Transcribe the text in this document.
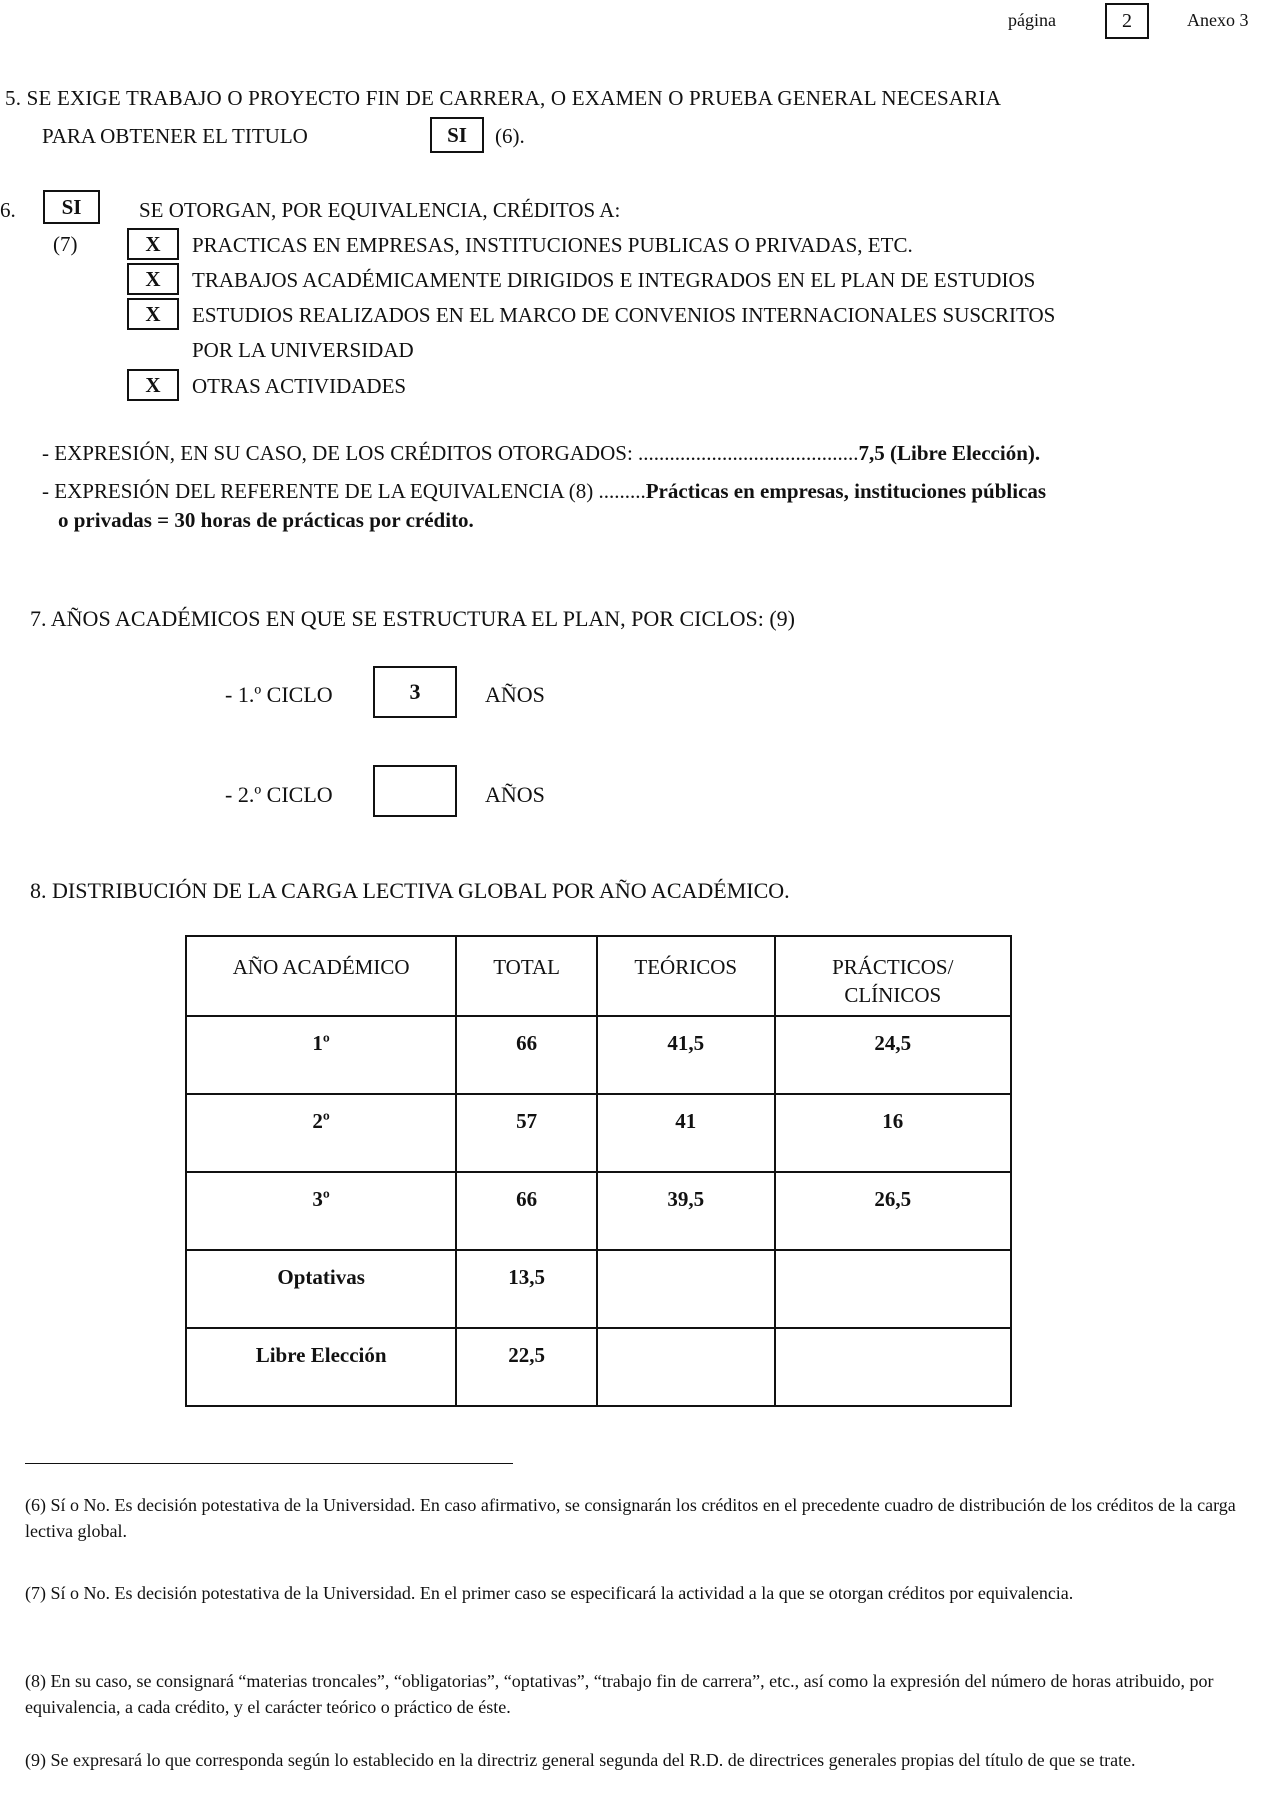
página	2	Anexo 3
5. SE EXIGE TRABAJO O PROYECTO FIN DE CARRERA, O EXAMEN O PRUEBA GENERAL NECESARIA
PARA OBTENER EL TITULO	SI	(6).
6.	SI
(7)
SE OTORGAN, POR EQUIVALENCIA, CRÉDITOS A:
X	PRACTICAS EN EMPRESAS, INSTITUCIONES PUBLICAS O PRIVADAS, ETC.
X	TRABAJOS ACADÉMICAMENTE DIRIGIDOS E INTEGRADOS EN EL PLAN DE ESTUDIOS
X	ESTUDIOS REALIZADOS EN EL MARCO DE CONVENIOS INTERNACIONALES SUSCRITOS
POR LA UNIVERSIDAD
X	OTRAS ACTIVIDADES
- EXPRESIÓN, EN SU CASO, DE LOS CRÉDITOS OTORGADOS: ..........................................7,5 (Libre Elección).
- EXPRESIÓN DEL REFERENTE DE LA EQUIVALENCIA (8) .........Prácticas en empresas, instituciones públicas
o privadas = 30 horas de prácticas por crédito.
7. AÑOS ACADÉMICOS EN QUE SE ESTRUCTURA EL PLAN, POR CICLOS: (9)
- 1.º CICLO	3	AÑOS
- 2.º CICLO	AÑOS
8. DISTRIBUCIÓN DE LA CARGA LECTIVA GLOBAL POR AÑO ACADÉMICO.
AÑO ACADÉMICO	TOTAL	TEÓRICOS	PRÁCTICOS/
CLÍNICOS
1º	66	41,5	24,5
2º	57	41	16
3º	66	39,5	26,5
Optativas	13,5		
Libre Elección	22,5		
(6) Sí o No. Es decisión potestativa de la Universidad. En caso afirmativo, se consignarán los créditos en el precedente cuadro de distribución de los créditos de la carga lectiva global.
(7) Sí o No. Es decisión potestativa de la Universidad. En el primer caso se especificará la actividad a la que se otorgan créditos por equivalencia.
(8) En su caso, se consignará “materias troncales”, “obligatorias”, “optativas”, “trabajo fin de carrera”, etc., así como la expresión del número de horas atribuido, por equivalencia, a cada crédito, y el carácter teórico o práctico de éste.
(9) Se expresará lo que corresponda según lo establecido en la directriz general segunda del R.D. de directrices generales propias del título de que se trate.
